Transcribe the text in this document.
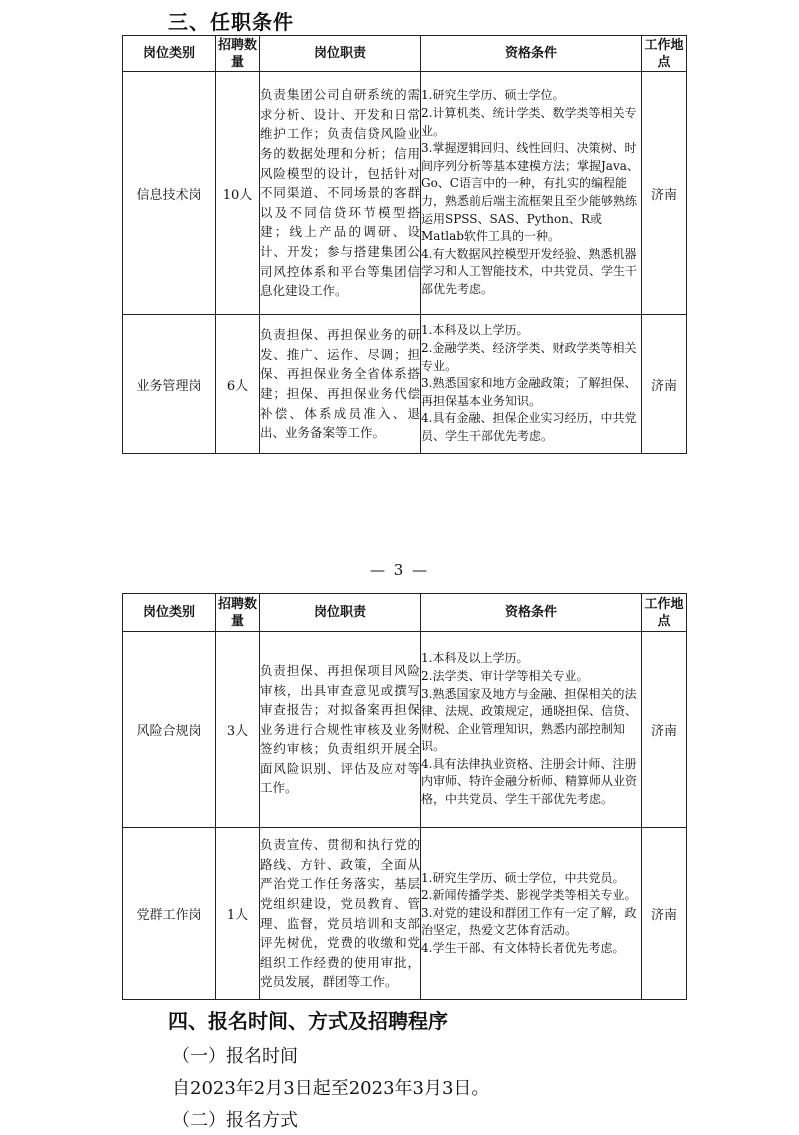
三、任职条件
岗位类别	招聘数量	岗位职责	资格条件	工作地点
信息技术岗	10人	负责集团公司自研系统的需求分析、设计、开发和日常维护工作；负责信贷风险业务的数据处理和分析；信用风险模型的设计，包括针对不同渠道、不同场景的客群以及不同信贷环节模型搭建；线上产品的调研、设计、开发；参与搭建集团公司风控体系和平台等集团信息化建设工作。	1.研究生学历、硕士学位。
2.计算机类、统计学类、数学类等相关专业。
3.掌握逻辑回归、线性回归、决策树、时间序列分析等基本建模方法；掌握Java、Go、C语言中的一种，有扎实的编程能力，熟悉前后端主流框架且至少能够熟练运用SPSS、SAS、Python、R或Matlab软件工具的一种。
4.有大数据风控模型开发经验、熟悉机器学习和人工智能技术，中共党员、学生干部优先考虑。	济南
业务管理岗	6人	负责担保、再担保业务的研发、推广、运作、尽调；担保、再担保业务全省体系搭建；担保、再担保业务代偿补偿、体系成员准入、退出、业务备案等工作。	1.本科及以上学历。
2.金融学类、经济学类、财政学类等相关专业。
3.熟悉国家和地方金融政策；了解担保、再担保基本业务知识。
4.具有金融、担保企业实习经历，中共党员、学生干部优先考虑。	济南
— 3 —
岗位类别	招聘数量	岗位职责	资格条件	工作地点
风险合规岗	3人	负责担保、再担保项目风险审核，出具审查意见或撰写审查报告；对拟备案再担保业务进行合规性审核及业务签约审核；负责组织开展全面风险识别、评估及应对等工作。	1.本科及以上学历。
2.法学类、审计学等相关专业。
3.熟悉国家及地方与金融、担保相关的法律、法规、政策规定，通晓担保、信贷、财税、企业管理知识，熟悉内部控制知识。
4.具有法律执业资格、注册会计师、注册内审师、特许金融分析师、精算师从业资格，中共党员、学生干部优先考虑。	济南
党群工作岗	1人	负责宣传、贯彻和执行党的路线、方针、政策，全面从严治党工作任务落实，基层党组织建设，党员教育、管理、监督，党员培训和支部评先树优，党费的收缴和党组织工作经费的使用审批，党员发展，群团等工作。	1.研究生学历、硕士学位，中共党员。
2.新闻传播学类、影视学类等相关专业。
3.对党的建设和群团工作有一定了解，政治坚定，热爱文艺体育活动。
4.学生干部、有文体特长者优先考虑。	济南
四、报名时间、方式及招聘程序
（一）报名时间
自2023年2月3日起至2023年3月3日。
（二）报名方式
